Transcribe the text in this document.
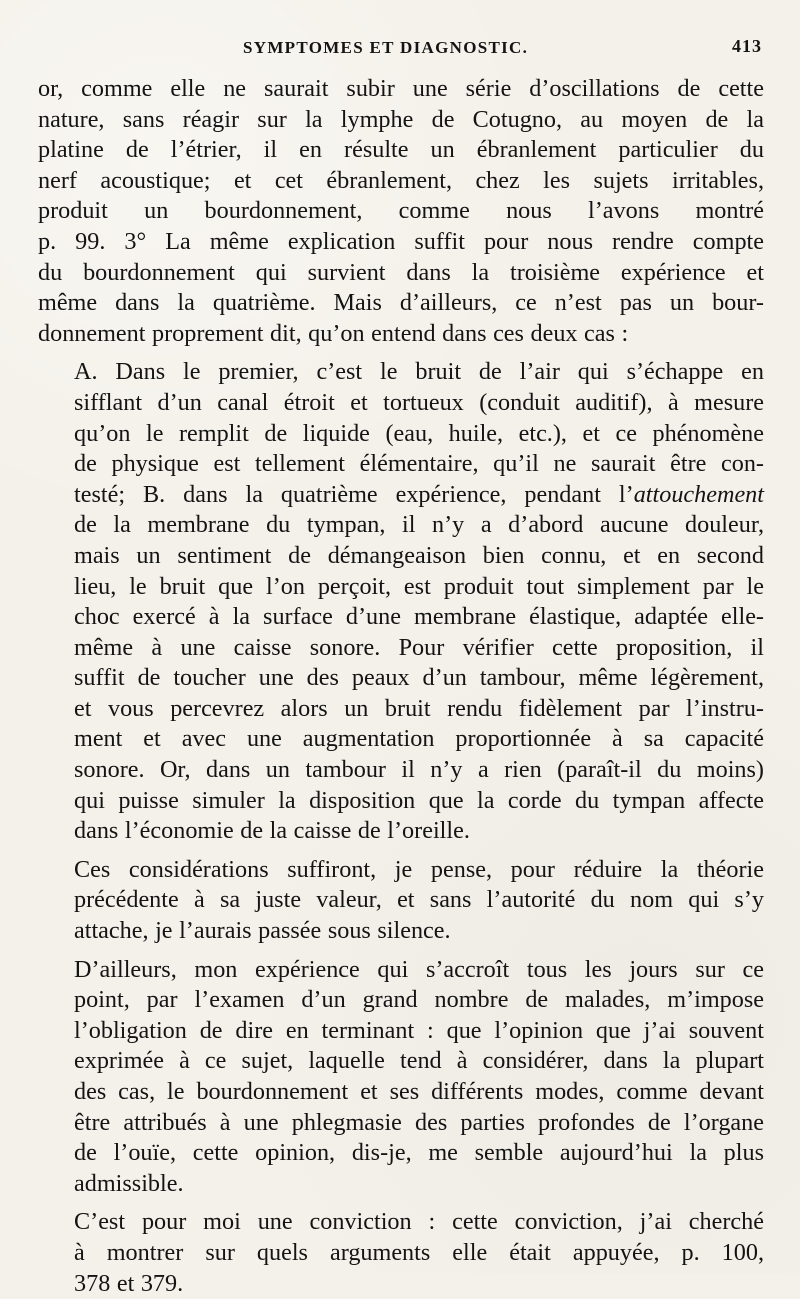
SYMPTOMES ET DIAGNOSTIC.	413

or, comme elle ne saurait subir une série d’oscillations de cette
nature, sans réagir sur la lymphe de Cotugno, au moyen de la
platine de l’étrier, il en résulte un ébranlement particulier du
nerf acoustique; et cet ébranlement, chez les sujets irritables,
produit un bourdonnement, comme nous l’avons montré
p. 99. 3° La même explication suffit pour nous rendre compte
du bourdonnement qui survient dans la troisième expérience et
même dans la quatrième. Mais d’ailleurs, ce n’est pas un bour-
donnement proprement dit, qu’on entend dans ces deux cas :

A. Dans le premier, c’est le bruit de l’air qui s’échappe en
sifflant d’un canal étroit et tortueux (conduit auditif), à mesure
qu’on le remplit de liquide (eau, huile, etc.), et ce phénomène
de physique est tellement élémentaire, qu’il ne saurait être con-
testé; B. dans la quatrième expérience, pendant l’attouchement
de la membrane du tympan, il n’y a d’abord aucune douleur,
mais un sentiment de démangeaison bien connu, et en second
lieu, le bruit que l’on perçoit, est produit tout simplement par le
choc exercé à la surface d’une membrane élastique, adaptée elle-
même à une caisse sonore. Pour vérifier cette proposition, il
suffit de toucher une des peaux d’un tambour, même légèrement,
et vous percevrez alors un bruit rendu fidèlement par l’instru-
ment et avec une augmentation proportionnée à sa capacité
sonore. Or, dans un tambour il n’y a rien (paraît-il du moins)
qui puisse simuler la disposition que la corde du tympan affecte
dans l’économie de la caisse de l’oreille.

Ces considérations suffiront, je pense, pour réduire la théorie
précédente à sa juste valeur, et sans l’autorité du nom qui s’y
attache, je l’aurais passée sous silence.

D’ailleurs, mon expérience qui s’accroît tous les jours sur ce
point, par l’examen d’un grand nombre de malades, m’impose
l’obligation de dire en terminant : que l’opinion que j’ai souvent
exprimée à ce sujet, laquelle tend à considérer, dans la plupart
des cas, le bourdonnement et ses différents modes, comme devant
être attribués à une phlegmasie des parties profondes de l’organe
de l’ouïe, cette opinion, dis-je, me semble aujourd’hui la plus
admissible.

C’est pour moi une conviction : cette conviction, j’ai cherché
à montrer sur quels arguments elle était appuyée, p. 100,
378 et 379.
